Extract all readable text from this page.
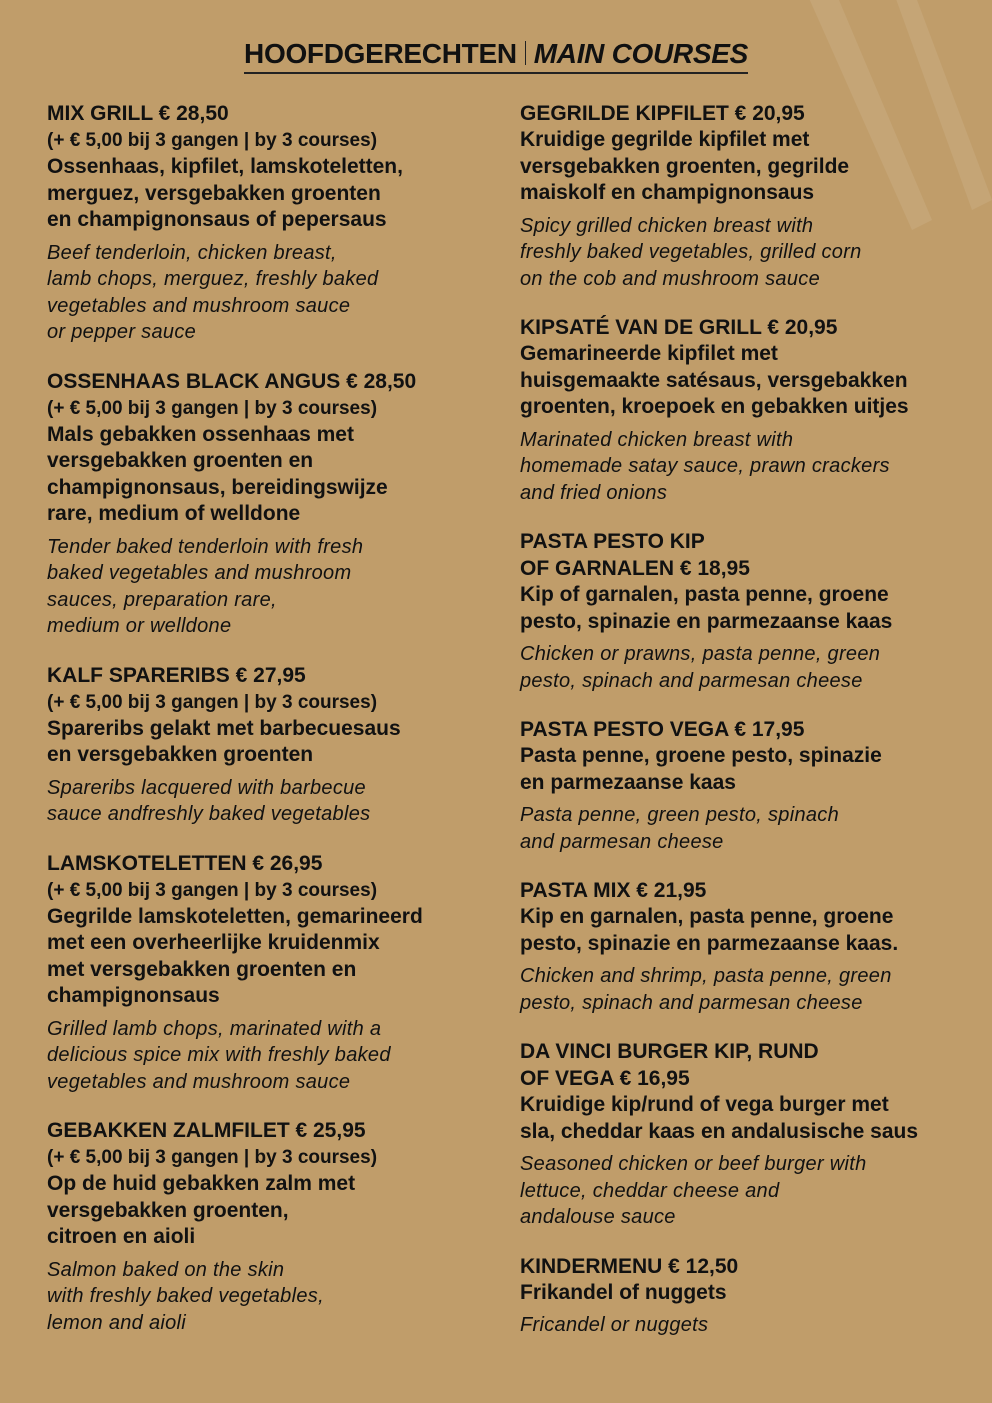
HOOFDGERECHTEN MAIN COURSES
MIX GRILL € 28,50
(+ € 5,00 bij 3 gangen | by 3 courses)
Ossenhaas, kipfilet, lamskoteletten,
merguez, versgebakken groenten
en champignonsaus of pepersaus
Beef tenderloin, chicken breast,
lamb chops, merguez, freshly baked
vegetables and mushroom sauce
or pepper sauce
OSSENHAAS BLACK ANGUS € 28,50
(+ € 5,00 bij 3 gangen | by 3 courses)
Mals gebakken ossenhaas met
versgebakken groenten en
champignonsaus, bereidingswijze
rare, medium of welldone
Tender baked tenderloin with fresh
baked vegetables and mushroom
sauces, preparation rare,
medium or welldone
KALF SPARERIBS € 27,95
(+ € 5,00 bij 3 gangen | by 3 courses)
Spareribs gelakt met barbecuesaus
en versgebakken groenten
Spareribs lacquered with barbecue
sauce andfreshly baked vegetables
LAMSKOTELETTEN € 26,95
(+ € 5,00 bij 3 gangen | by 3 courses)
Gegrilde lamskoteletten, gemarineerd
met een overheerlijke kruidenmix
met versgebakken groenten en
champignonsaus
Grilled lamb chops, marinated with a
delicious spice mix with freshly baked
vegetables and mushroom sauce
GEBAKKEN ZALMFILET € 25,95
(+ € 5,00 bij 3 gangen | by 3 courses)
Op de huid gebakken zalm met
versgebakken groenten,
citroen en aioli
Salmon baked on the skin
with freshly baked vegetables,
lemon and aioli
GEGRILDE KIPFILET € 20,95
Kruidige gegrilde kipfilet met
versgebakken groenten, gegrilde
maiskolf en champignonsaus
Spicy grilled chicken breast with
freshly baked vegetables, grilled corn
on the cob and mushroom sauce
KIPSATÉ VAN DE GRILL € 20,95
Gemarineerde kipfilet met
huisgemaakte satésaus, versgebakken
groenten, kroepoek en gebakken uitjes
Marinated chicken breast with
homemade satay sauce, prawn crackers
and fried onions
PASTA PESTO KIP
OF GARNALEN € 18,95
Kip of garnalen, pasta penne, groene
pesto, spinazie en parmezaanse kaas
Chicken or prawns, pasta penne, green
pesto, spinach and parmesan cheese
PASTA PESTO VEGA € 17,95
Pasta penne, groene pesto, spinazie
en parmezaanse kaas
Pasta penne, green pesto, spinach
and parmesan cheese
PASTA MIX € 21,95
Kip en garnalen, pasta penne, groene
pesto, spinazie en parmezaanse kaas.
Chicken and shrimp, pasta penne, green
pesto, spinach and parmesan cheese
DA VINCI BURGER KIP, RUND
OF VEGA € 16,95
Kruidige kip/rund of vega burger met
sla, cheddar kaas en andalusische saus
Seasoned chicken or beef burger with
lettuce, cheddar cheese and
andalouse sauce
KINDERMENU € 12,50
Frikandel of nuggets
Fricandel or nuggets
